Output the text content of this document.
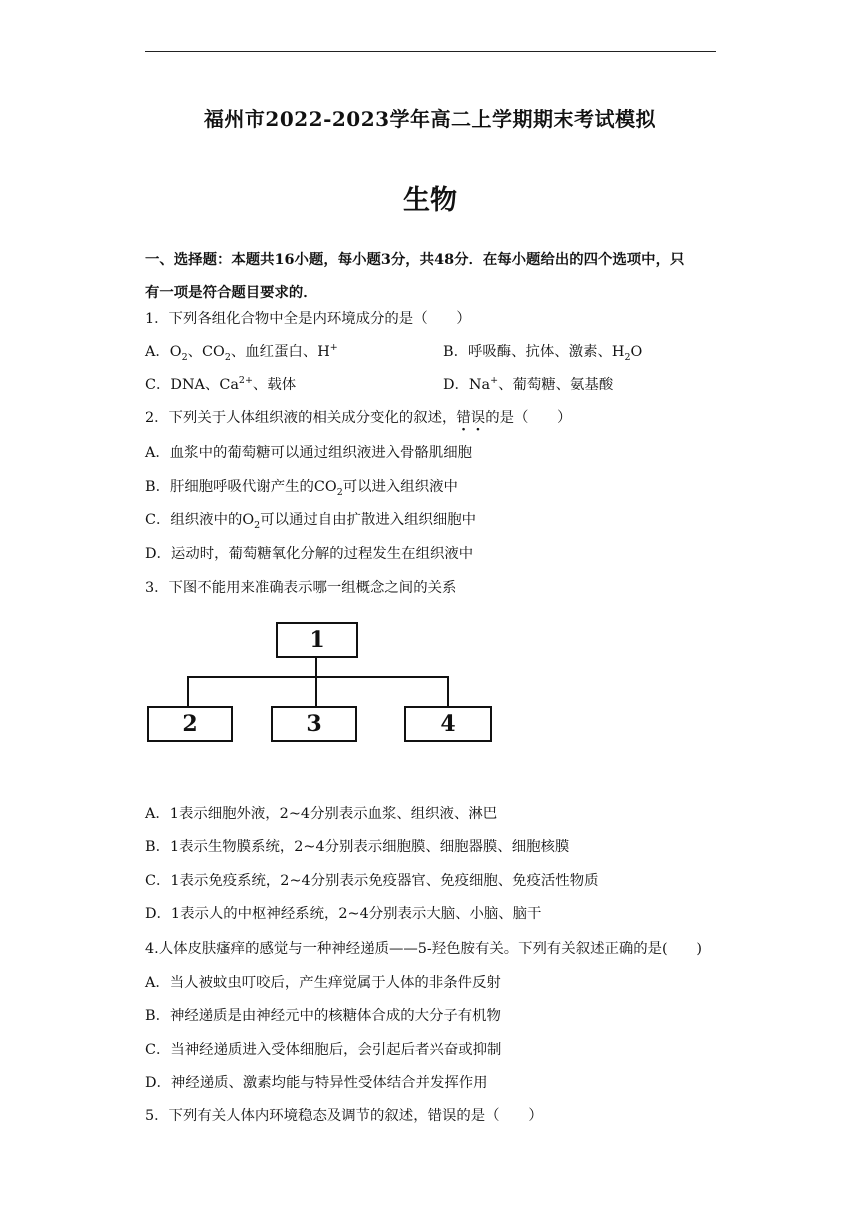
福州市2022-2023学年高二上学期期末考试模拟
生物
一、选择题：本题共16小题，每小题3分，共48分．在每小题给出的四个选项中，只
有一项是符合题目要求的．
1．下列各组化合物中全是内环境成分的是（　　）
A．$O_2$、$CO_2$、血红蛋白、H+	B．呼吸酶、抗体、激素、$H_2O$
C．DNA、$Ca^{2+}$、载体	D．Na+、葡萄糖、氨基酸
2．下列关于人体组织液的相关成分变化的叙述，错误的是（　　）
A．血浆中的葡萄糖可以通过组织液进入骨骼肌细胞
B．肝细胞呼吸代谢产生的$CO_2$可以进入组织液中
C．组织液中的$O_2$可以通过自由扩散进入组织细胞中
D．运动时，葡萄糖氧化分解的过程发生在组织液中
3．下图不能用来准确表示哪一组概念之间的关系
1
2	3	4
A．1表示细胞外液，2~4分别表示血浆、组织液、淋巴
B．1表示生物膜系统，2~4分别表示细胞膜、细胞器膜、细胞核膜
C．1表示免疫系统，2~4分别表示免疫器官、免疫细胞、免疫活性物质
D．1表示人的中枢神经系统，2~4分别表示大脑、小脑、脑干
4.人体皮肤瘙痒的感觉与一种神经递质——5-羟色胺有关。下列有关叙述正确的是(　　)
A．当人被蚊虫叮咬后，产生痒觉属于人体的非条件反射
B．神经递质是由神经元中的核糖体合成的大分子有机物
C．当神经递质进入受体细胞后，会引起后者兴奋或抑制
D．神经递质、激素均能与特异性受体结合并发挥作用
5．下列有关人体内环境稳态及调节的叙述，错误的是（　　）
